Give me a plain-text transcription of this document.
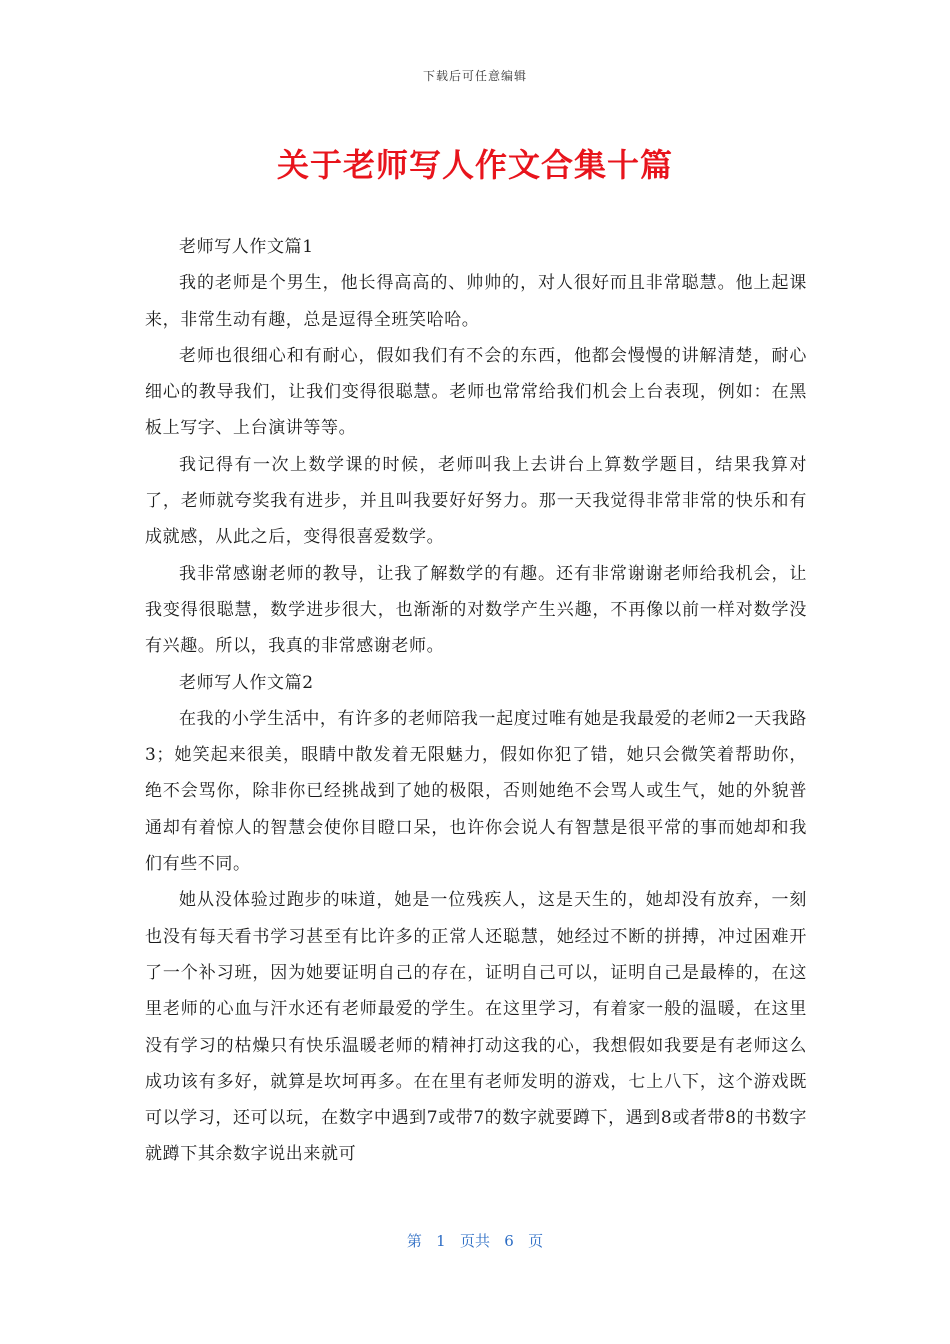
下载后可任意编辑
关于老师写人作文合集十篇

老师写人作文篇1

我的老师是个男生，他长得高高的、帅帅的，对人很好而且非常聪慧。他上起课来，非常生动有趣，总是逗得全班笑哈哈。

老师也很细心和有耐心，假如我们有不会的东西，他都会慢慢的讲解清楚，耐心细心的教导我们，让我们变得很聪慧。老师也常常给我们机会上台表现，例如：在黑板上写字、上台演讲等等。

我记得有一次上数学课的时候，老师叫我上去讲台上算数学题目，结果我算对了，老师就夸奖我有进步，并且叫我要好好努力。那一天我觉得非常非常的快乐和有成就感，从此之后，变得很喜爱数学。

我非常感谢老师的教导，让我了解数学的有趣。还有非常谢谢老师给我机会，让我变得很聪慧，数学进步很大，也渐渐的对数学产生兴趣，不再像以前一样对数学没有兴趣。所以，我真的非常感谢老师。

老师写人作文篇2

在我的小学生活中，有许多的老师陪我一起度过唯有她是我最爱的老师2一天我路3；她笑起来很美，眼睛中散发着无限魅力，假如你犯了错，她只会微笑着帮助你，绝不会骂你，除非你已经挑战到了她的极限，否则她绝不会骂人或生气，她的外貌普通却有着惊人的智慧会使你目瞪口呆，也许你会说人有智慧是很平常的事而她却和我们有些不同。

她从没体验过跑步的味道，她是一位残疾人，这是天生的，她却没有放弃，一刻也没有每天看书学习甚至有比许多的正常人还聪慧，她经过不断的拼搏，冲过困难开了一个补习班，因为她要证明自己的存在，证明自己可以，证明自己是最棒的，在这里老师的心血与汗水还有老师最爱的学生。在这里学习，有着家一般的温暖，在这里没有学习的枯燥只有快乐温暖老师的精神打动这我的心，我想假如我要是有老师这么成功该有多好，就算是坎坷再多。在在里有老师发明的游戏，七上八下，这个游戏既可以学习，还可以玩，在数字中遇到7或带7的数字就要蹲下，遇到8或者带8的书数字就蹲下其余数字说出来就可

第   1   页共   6   页
